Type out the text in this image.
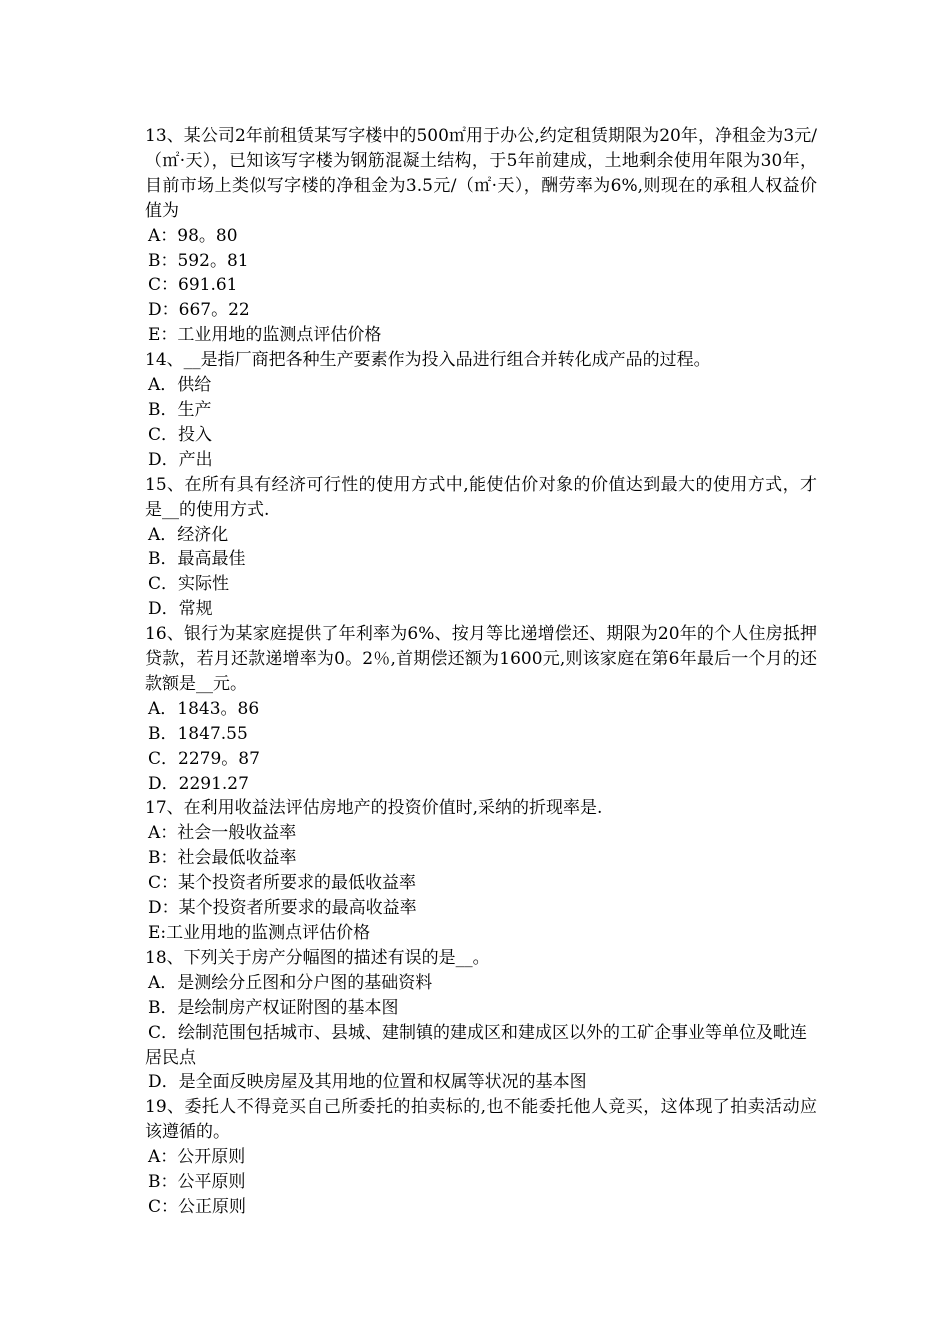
13、某公司2年前租赁某写字楼中的500㎡用于办公,约定租赁期限为20年，净租金为3元/（㎡·天），已知该写字楼为钢筋混凝土结构，于5年前建成，土地剩余使用年限为30年，目前市场上类似写字楼的净租金为3.5元/（㎡·天），酬劳率为6%,则现在的承租人权益价值为

A：98。80

B：592。81

C：691.61

D：667。22

E：工业用地的监测点评估价格

14、__是指厂商把各种生产要素作为投入品进行组合并转化成产品的过程。

A．供给

B．生产

C．投入

D．产出

15、在所有具有经济可行性的使用方式中,能使估价对象的价值达到最大的使用方式，才是__的使用方式.

A．经济化

B．最高最佳

C．实际性

D．常规

16、银行为某家庭提供了年利率为6%、按月等比递增偿还、期限为20年的个人住房抵押贷款，若月还款递增率为0。2％,首期偿还额为1600元,则该家庭在第6年最后一个月的还款额是__元。

A．1843。86

B．1847.55

C．2279。87

D．2291.27

17、在利用收益法评估房地产的投资价值时,采纳的折现率是.

A：社会一般收益率

B：社会最低收益率

C：某个投资者所要求的最低收益率

D：某个投资者所要求的最高收益率

E:工业用地的监测点评估价格

18、下列关于房产分幅图的描述有误的是__。

A．是测绘分丘图和分户图的基础资料

B．是绘制房产权证附图的基本图

C．绘制范围包括城市、县城、建制镇的建成区和建成区以外的工矿企事业等单位及毗连居民点

D．是全面反映房屋及其用地的位置和权属等状况的基本图

19、委托人不得竞买自己所委托的拍卖标的,也不能委托他人竞买，这体现了拍卖活动应该遵循的。

A：公开原则

B：公平原则

C：公正原则
